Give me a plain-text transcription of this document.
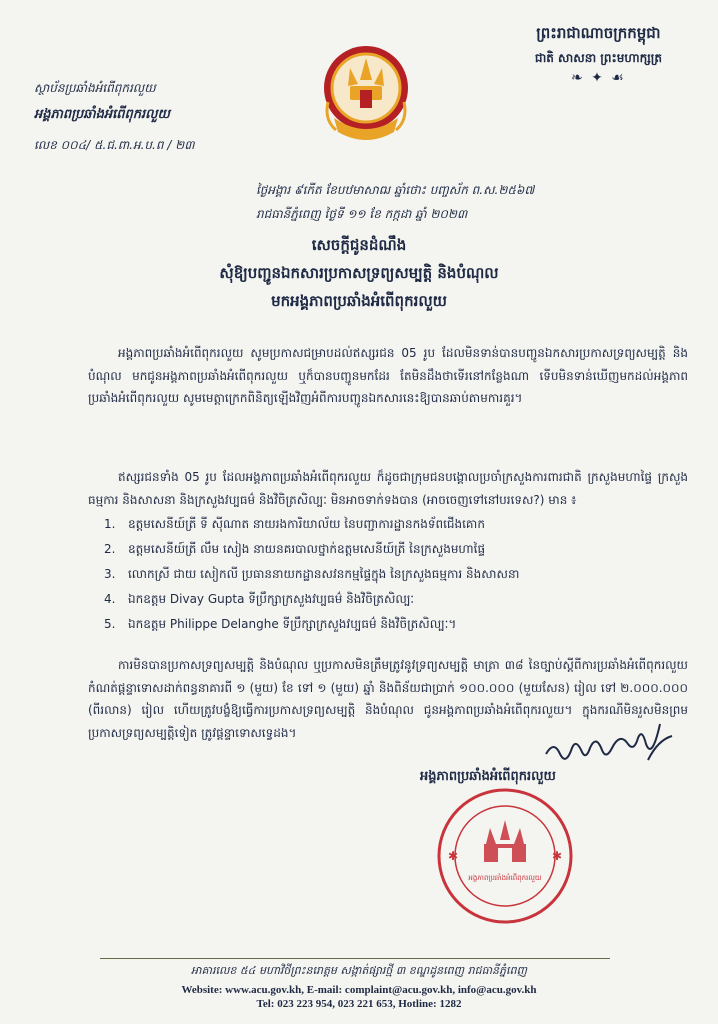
ព្រះរាជាណាចក្រកម្ពុជា
ជាតិ សាសនា ព្រះមហាក្សត្រ
❧ ✦ ☙
ស្ថាប័នប្រឆាំងអំពើពុករលួយ
អង្គភាពប្រឆាំងអំពើពុករលួយ
លេខ ០០៤/ ៥.ជ.ពា.អ.ប.ព / ២៣
ថ្ងៃអង្គារ ៩កើត ខែបឋមាសាឍ ឆ្នាំថោះ បញ្ចស័ក ព.ស.២៥៦៧
រាជធានីភ្នំពេញ ថ្ងៃទី ១១ ខែ កក្កដា ឆ្នាំ ២០២៣
សេចក្តីជូនដំណឹង
សុំឱ្យបញ្ជូនឯកសារប្រកាសទ្រព្យសម្បត្តិ និងបំណុល
មកអង្គភាពប្រឆាំងអំពើពុករលួយ
អង្គភាពប្រឆាំងអំពើពុករលួយ សូមប្រកាសជម្រាបដល់ឥស្សរជន 05 រូប ដែលមិនទាន់បានបញ្ជូនឯកសារប្រកាសទ្រព្យសម្បត្តិ និងបំណុល មកជូនអង្គភាពប្រឆាំងអំពើពុករលួយ ឬក៏បានបញ្ជូនមកដែរ តែមិនដឹងថាទើរនៅកន្លែងណា ទើបមិនទាន់ឃើញមកដល់អង្គភាពប្រឆាំងអំពើពុករលួយ សូមមេត្តាក្រេកពិនិត្យឡើងវិញអំពីការបញ្ជូនឯកសារនេះឱ្យបានឆាប់តាមការគួរ។
ឥស្សរជនទាំង 05 រូប ដែលអង្គភាពប្រឆាំងអំពើពុករលួយ ក៏ដូចជាក្រុមជនបង្គោលប្រចាំក្រសួងការពារជាតិ ក្រសួងមហាផ្ទៃ ក្រសួងធម្មការ និងសាសនា និងក្រសួងវប្បធម៌ និងវិចិត្រសិល្បៈ មិនអាចទាក់ទងបាន (អាចចេញទៅនៅបរទេស?) មាន ៖
1.	ឧត្តមសេនីយ៍ត្រី ទី ស៊ីណាត នាយរងការិយាល័យ នៃបញ្ជាការដ្ឋានកងទ័ពជើងគោក
2.	ឧត្តមសេនីយ៍ត្រី លឹម សៀង នាយនគរបាលថ្នាក់ឧត្តមសេនីយ៍ត្រី នៃក្រសួងមហាផ្ទៃ
3.	លោកស្រី ជាយ សៀកលី ប្រធាននាយកដ្ឋានសវនកម្មផ្ទៃក្នុង នៃក្រសួងធម្មការ និងសាសនា
4.	ឯកឧត្តម Divay Gupta ទីប្រឹក្សាក្រសួងវប្បធម៌ និងវិចិត្រសិល្បៈ
5.	ឯកឧត្តម Philippe Delanghe ទីប្រឹក្សាក្រសួងវប្បធម៌ និងវិចិត្រសិល្បៈ។
ការមិនបានប្រកាសទ្រព្យសម្បត្តិ និងបំណុល ឬប្រកាសមិនត្រឹមត្រូវនូវទ្រព្យសម្បត្តិ មាត្រា ៣៨ នៃច្បាប់ស្តីពីការប្រឆាំងអំពើពុករលួយ កំណត់ផ្តន្ទាទោសដាក់ពន្ធនាគារពី ១ (មួយ) ខែ ទៅ ១ (មួយ) ឆ្នាំ និងពិន័យជាប្រាក់ ១០០.០០០ (មួយសែន) រៀល ទៅ ២.០០០.០០០ (ពីរលាន) រៀល ហើយត្រូវបង្ខំឱ្យធ្វើការប្រកាសទ្រព្យសម្បត្តិ និងបំណុល ជូនអង្គភាពប្រឆាំងអំពើពុករលួយ។ ក្នុងករណីមិនរួសមិនព្រមប្រកាសទ្រព្យសម្បត្តិទៀត ត្រូវផ្តន្ទាទោសទ្វេដង។
អង្គភាពប្រឆាំងអំពើពុករលួយ
អង្គភាពប្រឆាំងអំពើពុករលួយ
✱	✱
អាគារលេខ ៥៤ មហាវិថីព្រះនរោត្តម សង្កាត់ផ្សារថ្មី ៣ ខណ្ឌដូនពេញ រាជធានីភ្នំពេញ
Website: www.acu.gov.kh, E-mail: complaint@acu.gov.kh, info@acu.gov.kh
Tel: 023 223 954, 023 221 653, Hotline: 1282
